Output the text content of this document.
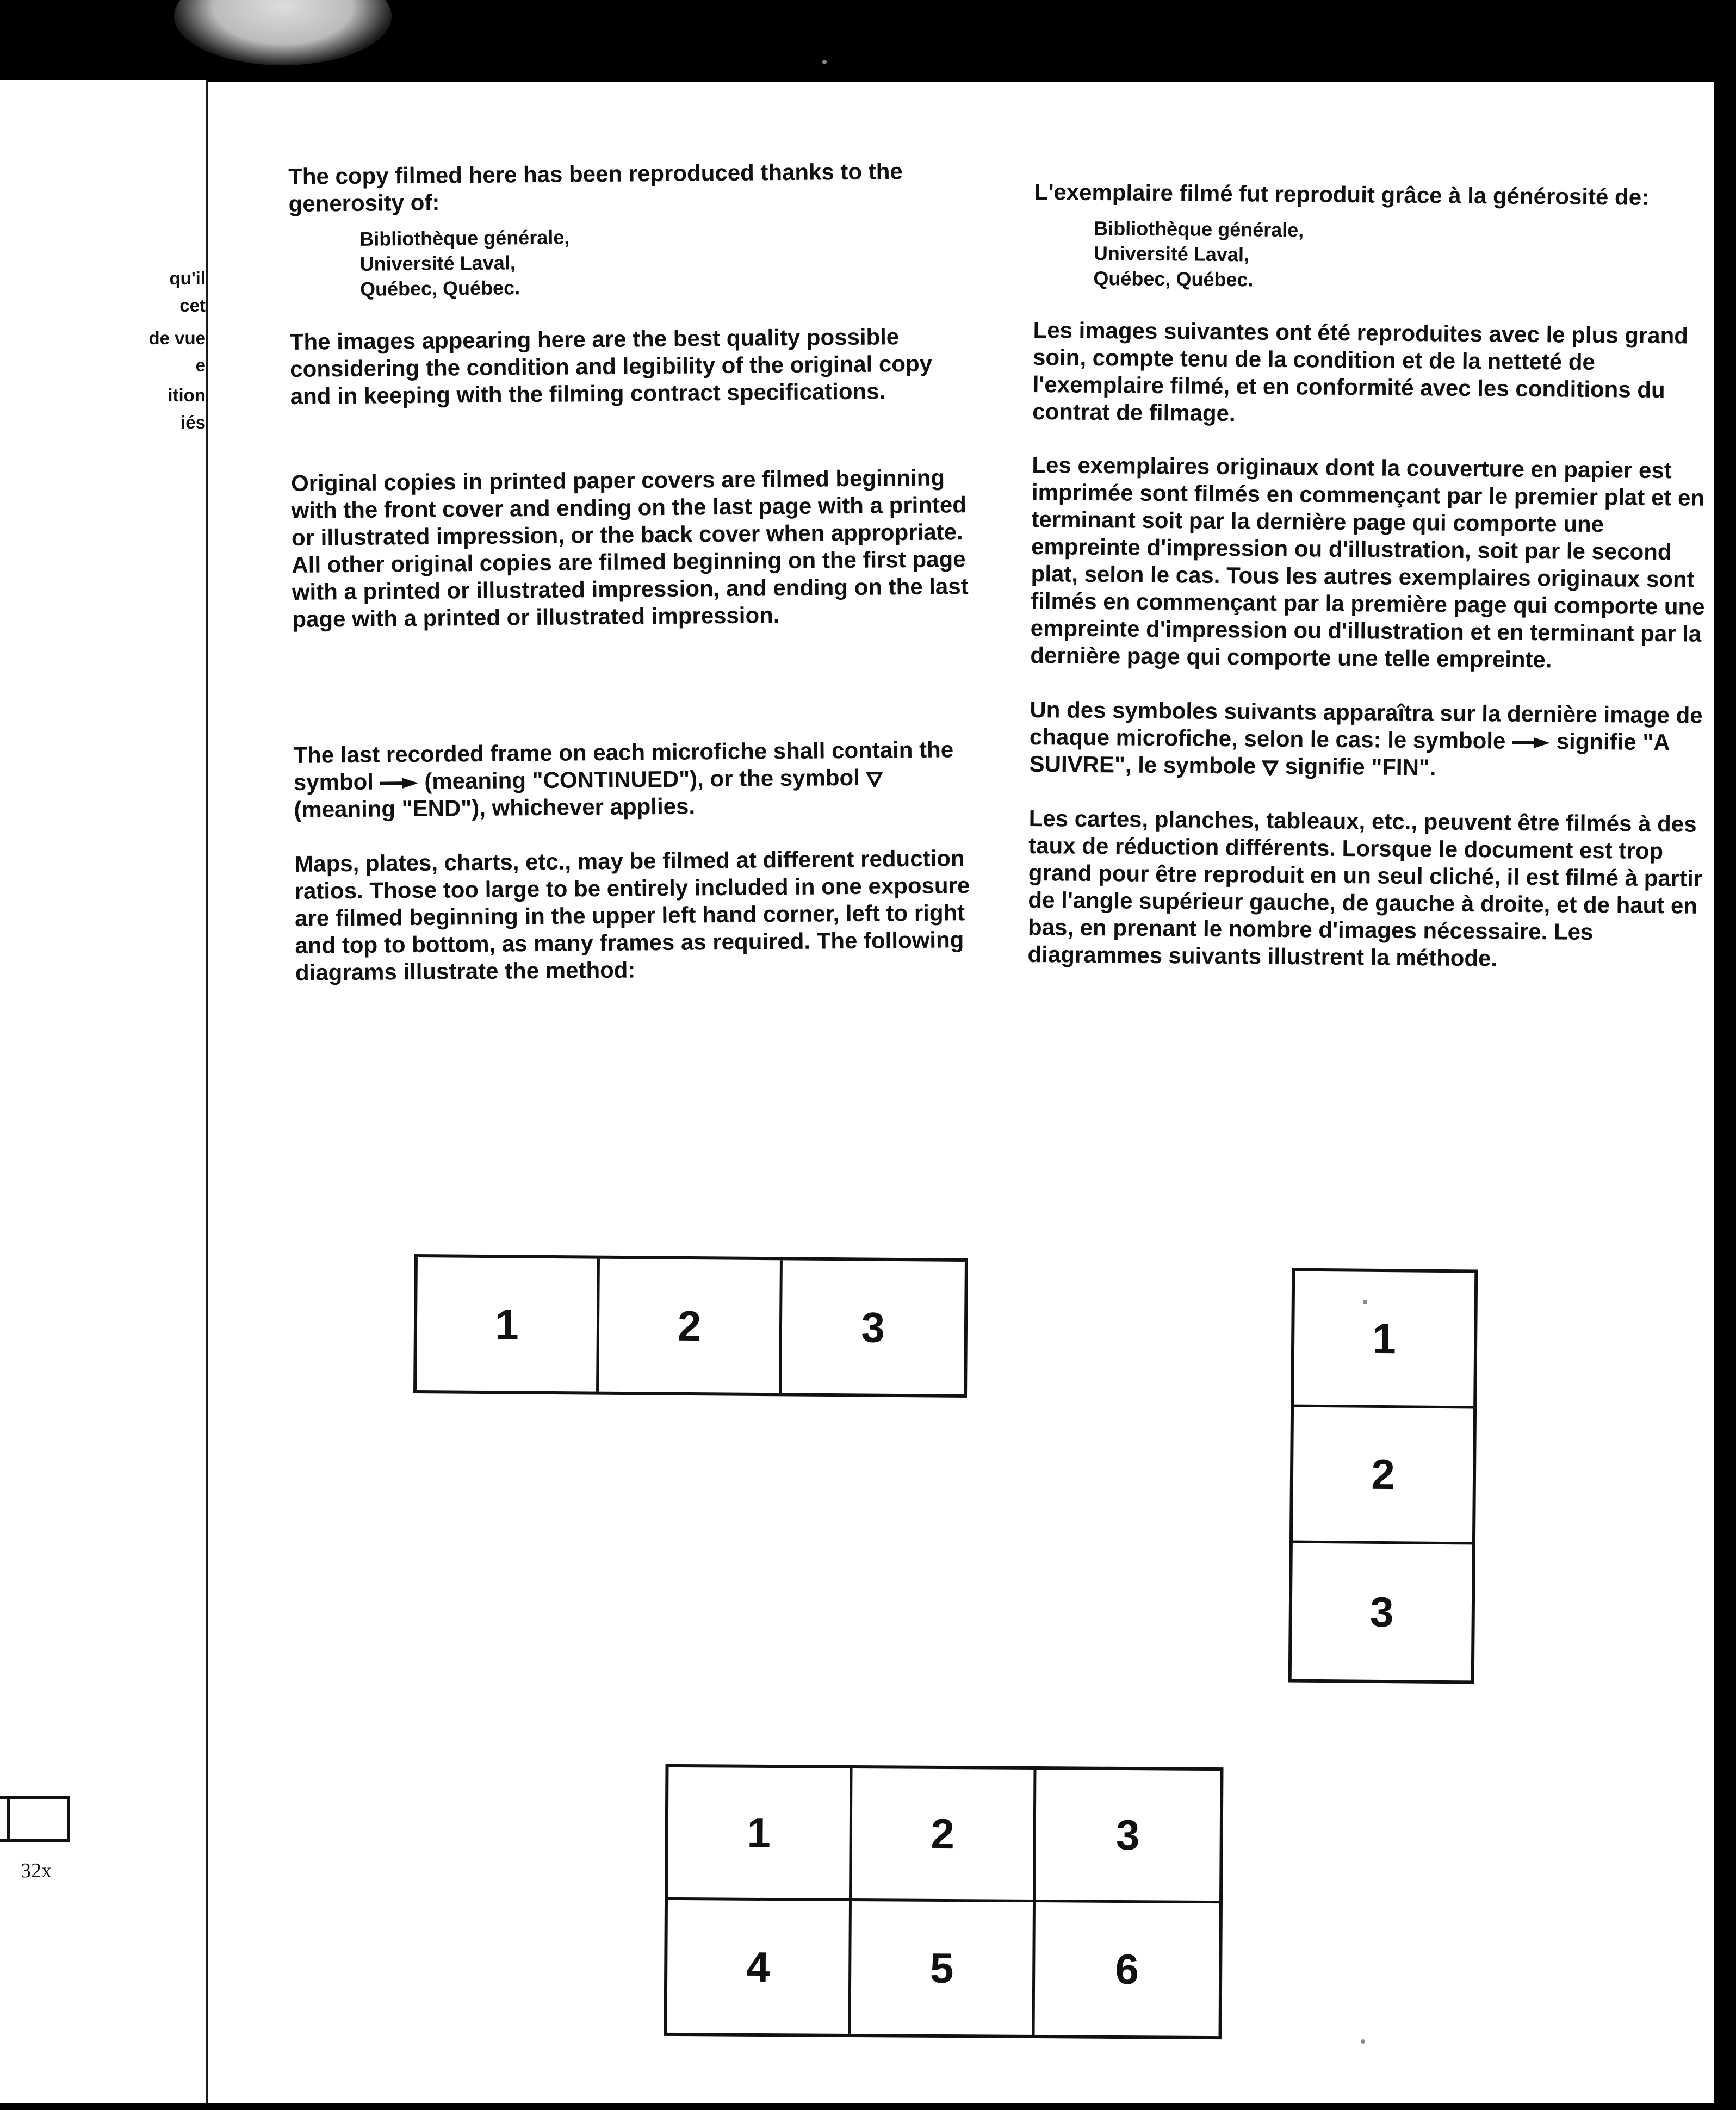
qu'il
cet
de vue
e
ition
iés
32x

The copy filmed here has been reproduced thanks to the generosity of:

Bibliothèque générale,

Université Laval,

Québec, Québec.

The images appearing here are the best quality possible considering the condition and legibility of the original copy and in keeping with the filming contract specifications.

Original copies in printed paper covers are filmed beginning with the front cover and ending on the last page with a printed or illustrated impression, or the back cover when appropriate. All other original copies are filmed beginning on the first page with a printed or illustrated impression, and ending on the last page with a printed or illustrated impression.

The last recorded frame on each microfiche shall contain the symbol (meaning "CONTINUED"), or the symbol  (meaning "END"), whichever applies.

Maps, plates, charts, etc., may be filmed at different reduction ratios. Those too large to be entirely included in one exposure are filmed beginning in the upper left hand corner, left to right and top to bottom, as many frames as required. The following diagrams illustrate the method:

L'exemplaire filmé fut reproduit grâce à la générosité de:

Bibliothèque générale,

Université Laval,

Québec, Québec.

Les images suivantes ont été reproduites avec le plus grand soin, compte tenu de la condition et de la netteté de l'exemplaire filmé, et en conformité avec les conditions du contrat de filmage.

Les exemplaires originaux dont la couverture en papier est imprimée sont filmés en commençant par le premier plat et en terminant soit par la dernière page qui comporte une empreinte d'impression ou d'illustration, soit par le second plat, selon le cas. Tous les autres exemplaires originaux sont filmés en commençant par la première page qui comporte une empreinte d'impression ou d'illustration et en terminant par la dernière page qui comporte une telle empreinte.

Un des symboles suivants apparaîtra sur la dernière image de chaque microfiche, selon le cas: le symbole signifie "A SUIVRE", le symbole signifie "FIN".

Les cartes, planches, tableaux, etc., peuvent être filmés à des taux de réduction différents. Lorsque le document est trop grand pour être reproduit en un seul cliché, il est filmé à partir de l'angle supérieur gauche, de gauche à droite, et de haut en bas, en prenant le nombre d'images nécessaire. Les diagrammes suivants illustrent la méthode.

1	2	3	1
2
3
1	2	3
4	5	6
